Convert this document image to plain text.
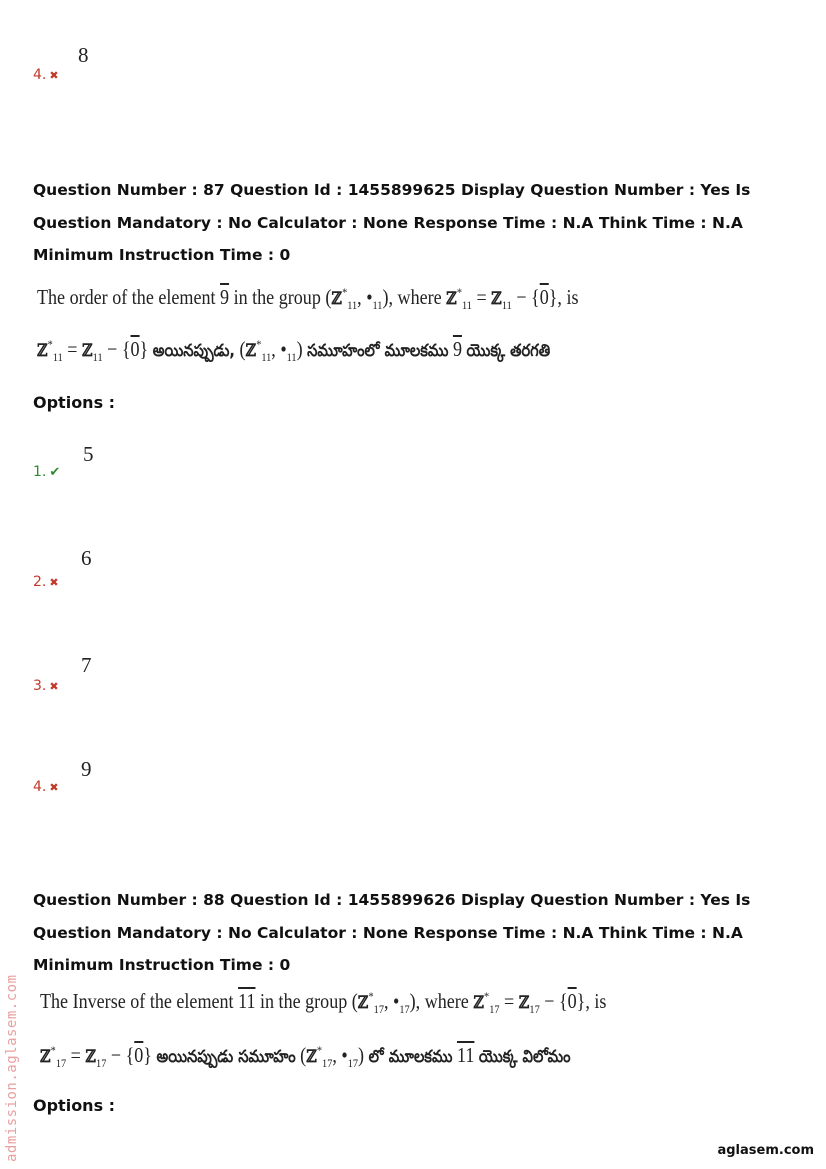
8
4. ✖
Question Number : 87 Question Id : 1455899625 Display Question Number : Yes Is Question Mandatory : No Calculator : None Response Time : N.A Think Time : N.A Minimum Instruction Time : 0
The order of the element 9 in the group (ℤ*$_{11}$, $•_{11}$), where ℤ*$_{11}$ = ℤ$_{11}$ − {0}, is
ℤ*$_{11}$ = ℤ$_{11}$ − {0} అయినప్పుడు, (ℤ*$_{11}$, $•_{11}$) సమూహంలో మూలకము 9 యొక్క తరగతి
Options :
5
1. ✔
6
2. ✖
7
3. ✖
9
4. ✖
Question Number : 88 Question Id : 1455899626 Display Question Number : Yes Is Question Mandatory : No Calculator : None Response Time : N.A Think Time : N.A Minimum Instruction Time : 0
The Inverse of the element 11 in the group (ℤ*$_{17}$, $•_{17}$), where ℤ*$_{17}$ = ℤ$_{17}$ − {0}, is
ℤ*$_{17}$ = ℤ$_{17}$ − {0} అయినప్పుడు సమూహం (ℤ*$_{17}$, $•_{17}$) లో మూలకము 11 యొక్క విలోమం
Options :
admission.aglasem.com	aglasem.com
